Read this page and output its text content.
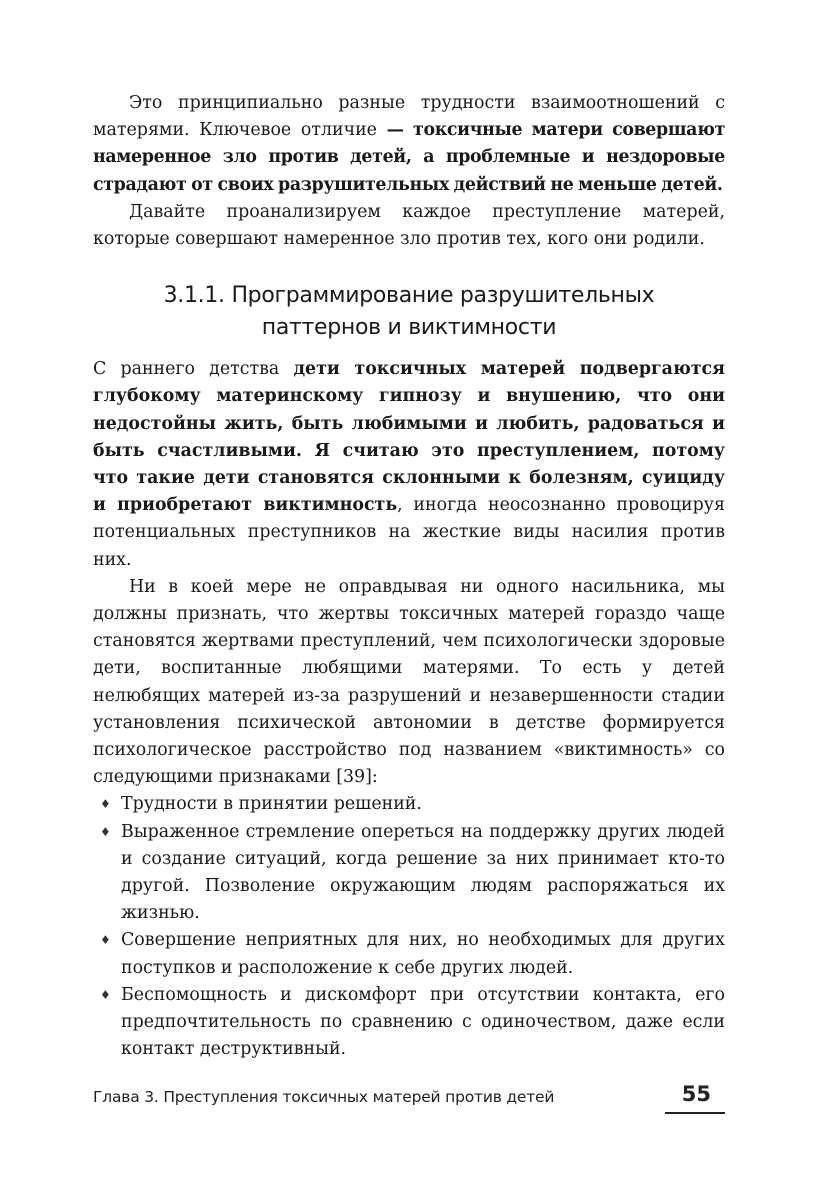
Это принципиально разные трудности взаимоотношений с матерями. Ключевое отличие — токсичные матери совершают намеренное зло против детей, а проблемные и нездоровые страдают от своих разрушительных действий не меньше детей.

Давайте проанализируем каждое преступление матерей, которые совершают намеренное зло против тех, кого они родили.

3.1.1. Программирование разрушительных
паттернов и виктимности

С раннего детства дети токсичных матерей подвергаются глубокому материнскому гипнозу и внушению, что они недостойны жить, быть любимыми и любить, радоваться и быть счастливыми. Я считаю это преступлением, потому что такие дети становятся склонными к болезням, суициду и приобретают виктимность, иногда неосознанно провоцируя потенциальных преступников на жесткие виды насилия против них.

Ни в коей мере не оправдывая ни одного насильника, мы должны признать, что жертвы токсичных матерей гораздо чаще становятся жертвами преступлений, чем психологически здоровые дети, воспитанные любящими матерями. То есть у детей нелюбящих матерей из-за разрушений и незавершенности стадии установления психической автономии в детстве формируется психологическое расстройство под названием «виктимность» со следующими признаками [39]:

♦ Трудности в принятии решений.
♦ Выраженное стремление опереться на поддержку других людей и создание ситуаций, когда решение за них принимает кто-то другой. Позволение окружающим людям распоряжаться их жизнью.
♦ Совершение неприятных для них, но необходимых для других поступков и расположение к себе других людей.
♦ Беспомощность и дискомфорт при отсутствии контакта, его предпочтительность по сравнению с одиночеством, даже если контакт деструктивный.
Глава 3. Преступления токсичных матерей против детей	55
